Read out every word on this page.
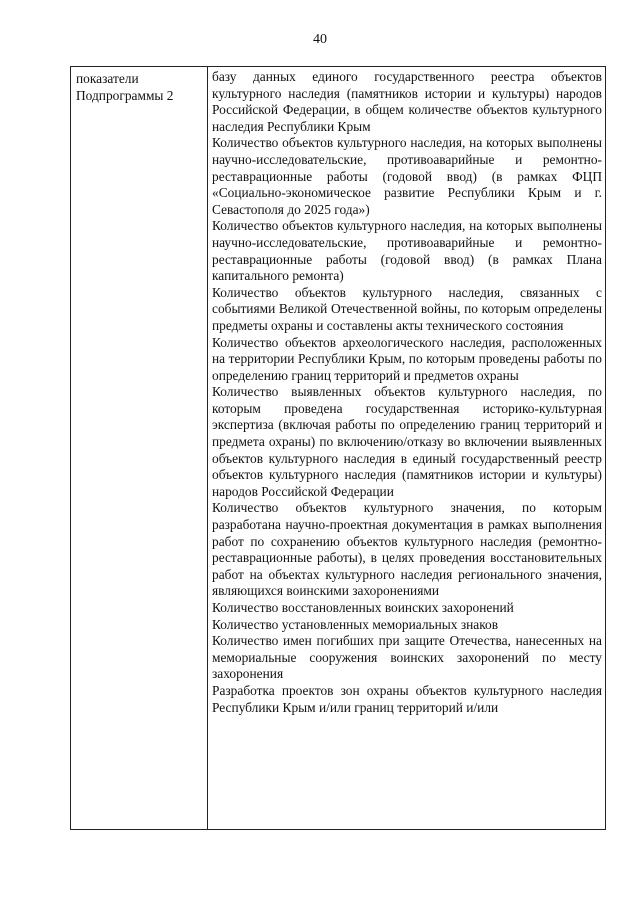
40
показатели
Подпрограммы 2
базу данных единого государственного реестра объектов культурного наследия (памятников истории и культуры) народов Российской Федерации, в общем количестве объектов культурного наследия Республики Крым
Количество объектов культурного наследия, на которых выполнены научно-исследовательские, противоаварийные и ремонтно-реставрационные работы (годовой ввод) (в рамках ФЦП «Социально-экономическое развитие Республики Крым и г. Севастополя до 2025 года»)
Количество объектов культурного наследия, на которых выполнены научно-исследовательские, противоаварийные и ремонтно-реставрационные работы (годовой ввод) (в рамках Плана капитального ремонта)
Количество объектов культурного наследия, связанных с событиями Великой Отечественной войны, по которым определены предметы охраны и составлены акты технического состояния
Количество объектов археологического наследия, расположенных на территории Республики Крым, по которым проведены работы по определению границ территорий и предметов охраны
Количество выявленных объектов культурного наследия, по которым проведена государственная историко-культурная экспертиза (включая работы по определению границ территорий и предмета охраны) по включению/отказу во включении выявленных объектов культурного наследия в единый государственный реестр объектов культурного наследия (памятников истории и культуры) народов Российской Федерации
Количество объектов культурного значения, по которым разработана научно-проектная документация в рамках выполнения работ по сохранению объектов культурного наследия (ремонтно-реставрационные работы), в целях проведения восстановительных работ на объектах культурного наследия регионального значения, являющихся воинскими захоронениями
Количество восстановленных воинских захоронений
Количество установленных мемориальных знаков
Количество имен погибших при защите Отечества, нанесенных на мемориальные сооружения воинских захоронений по месту захоронения
Разработка проектов зон охраны объектов культурного наследия Республики Крым и/или границ территорий и/или
